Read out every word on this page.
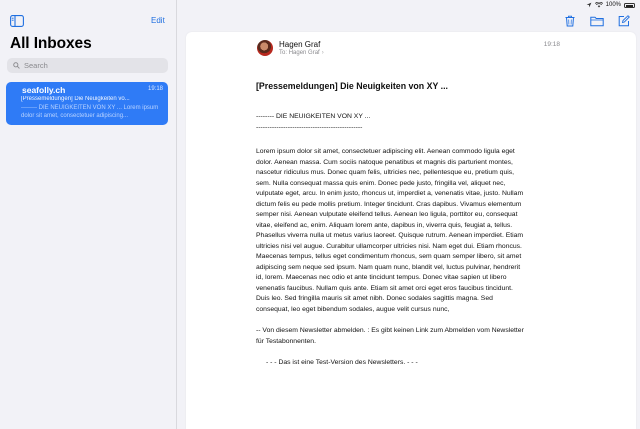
100%
Edit
All Inboxes
Search
seafolly.ch	19:18
[Pressemeldungen] Die Neuigkeiten vo...
-------- DIE NEUIGKEITEN VON XY ... Lorem ipsum dolor sit amet, consectetuer adipiscing...
Hagen Graf
To: Hagen Graf ›
19:18
[Pressemeldungen] Die Neuigkeiten von XY ...

-------- DIE NEUIGKEITEN VON XY ...

-----------------------------------------------

Lorem ipsum dolor sit amet, consectetuer adipiscing elit. Aenean commodo ligula eget dolor. Aenean massa. Cum sociis natoque penatibus et magnis dis parturient montes, nascetur ridiculus mus. Donec quam felis, ultricies nec, pellentesque eu, pretium quis, sem. Nulla consequat massa quis enim. Donec pede justo, fringilla vel, aliquet nec, vulputate eget, arcu. In enim justo, rhoncus ut, imperdiet a, venenatis vitae, justo. Nullam dictum felis eu pede mollis pretium. Integer tincidunt. Cras dapibus. Vivamus elementum semper nisi. Aenean vulputate eleifend tellus. Aenean leo ligula, porttitor eu, consequat vitae, eleifend ac, enim. Aliquam lorem ante, dapibus in, viverra quis, feugiat a, tellus. Phasellus viverra nulla ut metus varius laoreet. Quisque rutrum. Aenean imperdiet. Etiam ultricies nisi vel augue. Curabitur ullamcorper ultricies nisi. Nam eget dui. Etiam rhoncus. Maecenas tempus, tellus eget condimentum rhoncus, sem quam semper libero, sit amet adipiscing sem neque sed ipsum. Nam quam nunc, blandit vel, luctus pulvinar, hendrerit id, lorem. Maecenas nec odio et ante tincidunt tempus. Donec vitae sapien ut libero venenatis faucibus. Nullam quis ante. Etiam sit amet orci eget eros faucibus tincidunt. Duis leo. Sed fringilla mauris sit amet nibh. Donec sodales sagittis magna. Sed consequat, leo eget bibendum sodales, augue velit cursus nunc,

-- Von diesem Newsletter abmelden. : Es gibt keinen Link zum Abmelden vom Newsletter für Testabonnenten.

- - - Das ist eine Test-Version des Newsletters. - - -
